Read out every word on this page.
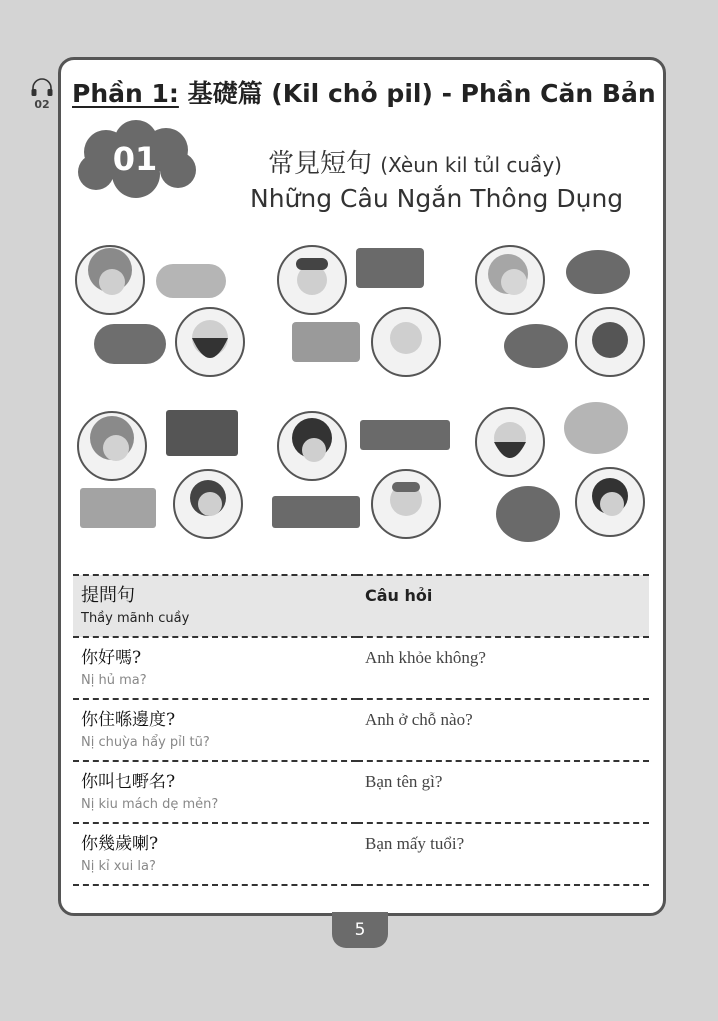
02 Phần 1: 基礎篇 (Kil chỏ pil) - Phần Căn Bản
01	常見短句 (Xèun kil tủl cuầy)
Những Câu Ngắn Thông Dụng
提問句
Thầy mãnh cuầy	Câu hỏi

你好嗎?
Nị hủ ma?	Anh khỏe không?

你住喺邊度?
Nị chuỳa hẩy pỉl tũ?	Anh ở chỗ nào?

你叫乜嘢名?
Nị kiu mách dẹ mẻn?	Bạn tên gì?

你幾歲喇?
Nị kỉ xui la?	Bạn mấy tuổi?
5
